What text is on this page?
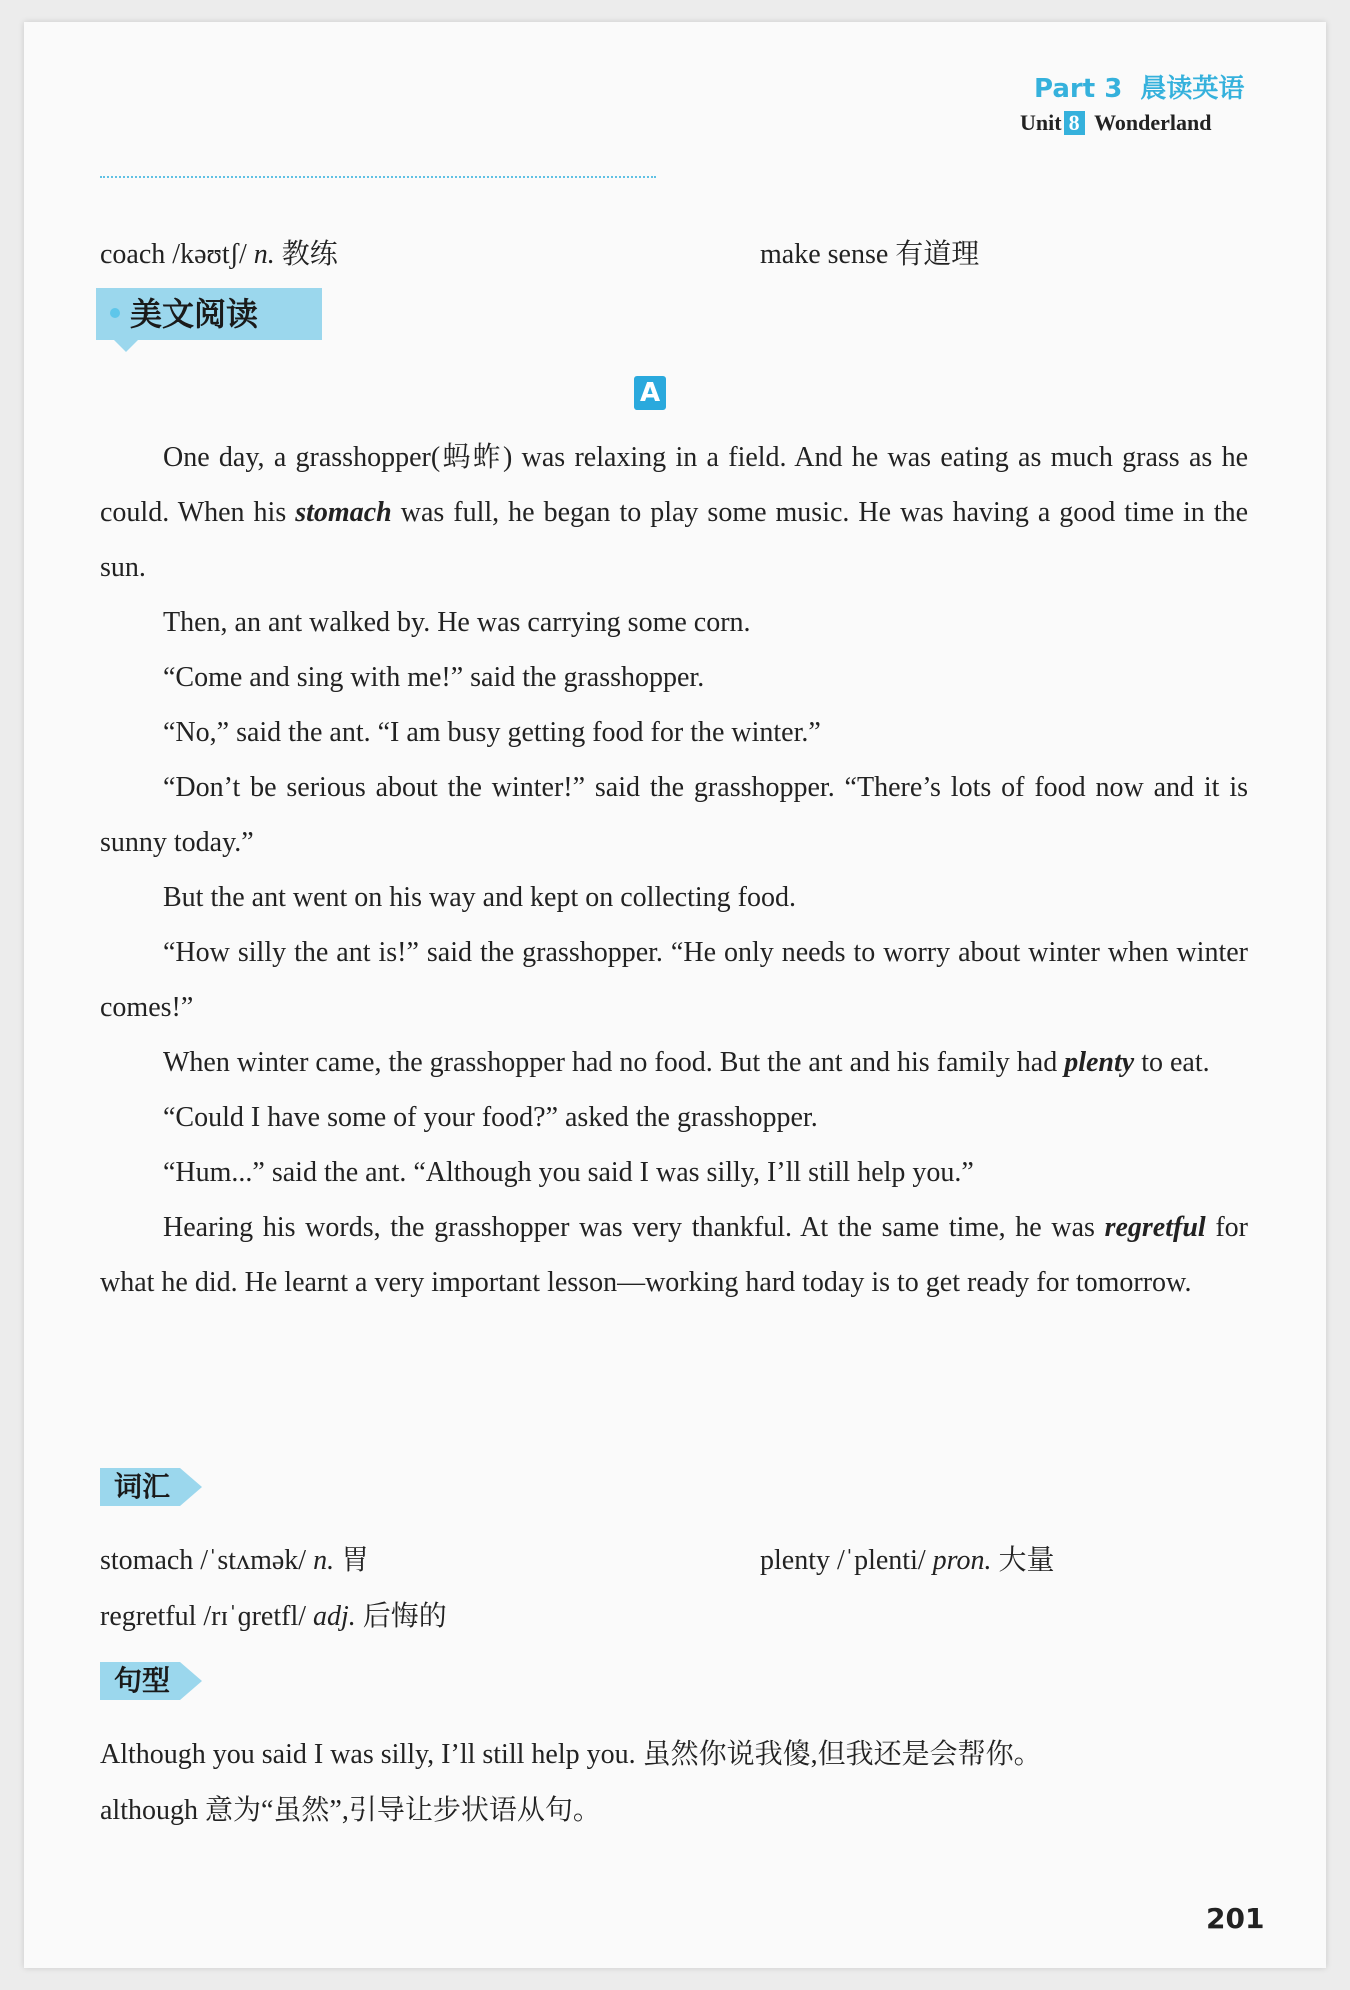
Part 3 晨读英语
Unit 8 Wonderland
coach /kəʊtʃ/ n. 教练	make sense 有道理
美文阅读
A

One day, a grasshopper(蚂蚱) was relaxing in a field. And he was eating as much grass as he could. When his stomach was full, he began to play some music. He was having a good time in the sun.

Then, an ant walked by. He was carrying some corn.

“Come and sing with me!” said the grasshopper.

“No,” said the ant. “I am busy getting food for the winter.”

“Don’t be serious about the winter!” said the grasshopper. “There’s lots of food now and it is sunny today.”

But the ant went on his way and kept on collecting food.

“How silly the ant is!” said the grasshopper. “He only needs to worry about winter when winter comes!”

When winter came, the grasshopper had no food. But the ant and his family had plenty to eat.

“Could I have some of your food?” asked the grasshopper.

“Hum...” said the ant. “Although you said I was silly, I’ll still help you.”

Hearing his words, the grasshopper was very thankful. At the same time, he was regretful for what he did. He learnt a very important lesson—working hard today is to get ready for tomorrow.

词汇
stomach /ˈstʌmək/ n. 胃	plenty /ˈplenti/ pron. 大量
regretful /rɪˈɡretfl/ adj. 后悔的
句型
Although you said I was silly, I’ll still help you. 虽然你说我傻,但我还是会帮你。
although 意为“虽然”,引导让步状语从句。
201
